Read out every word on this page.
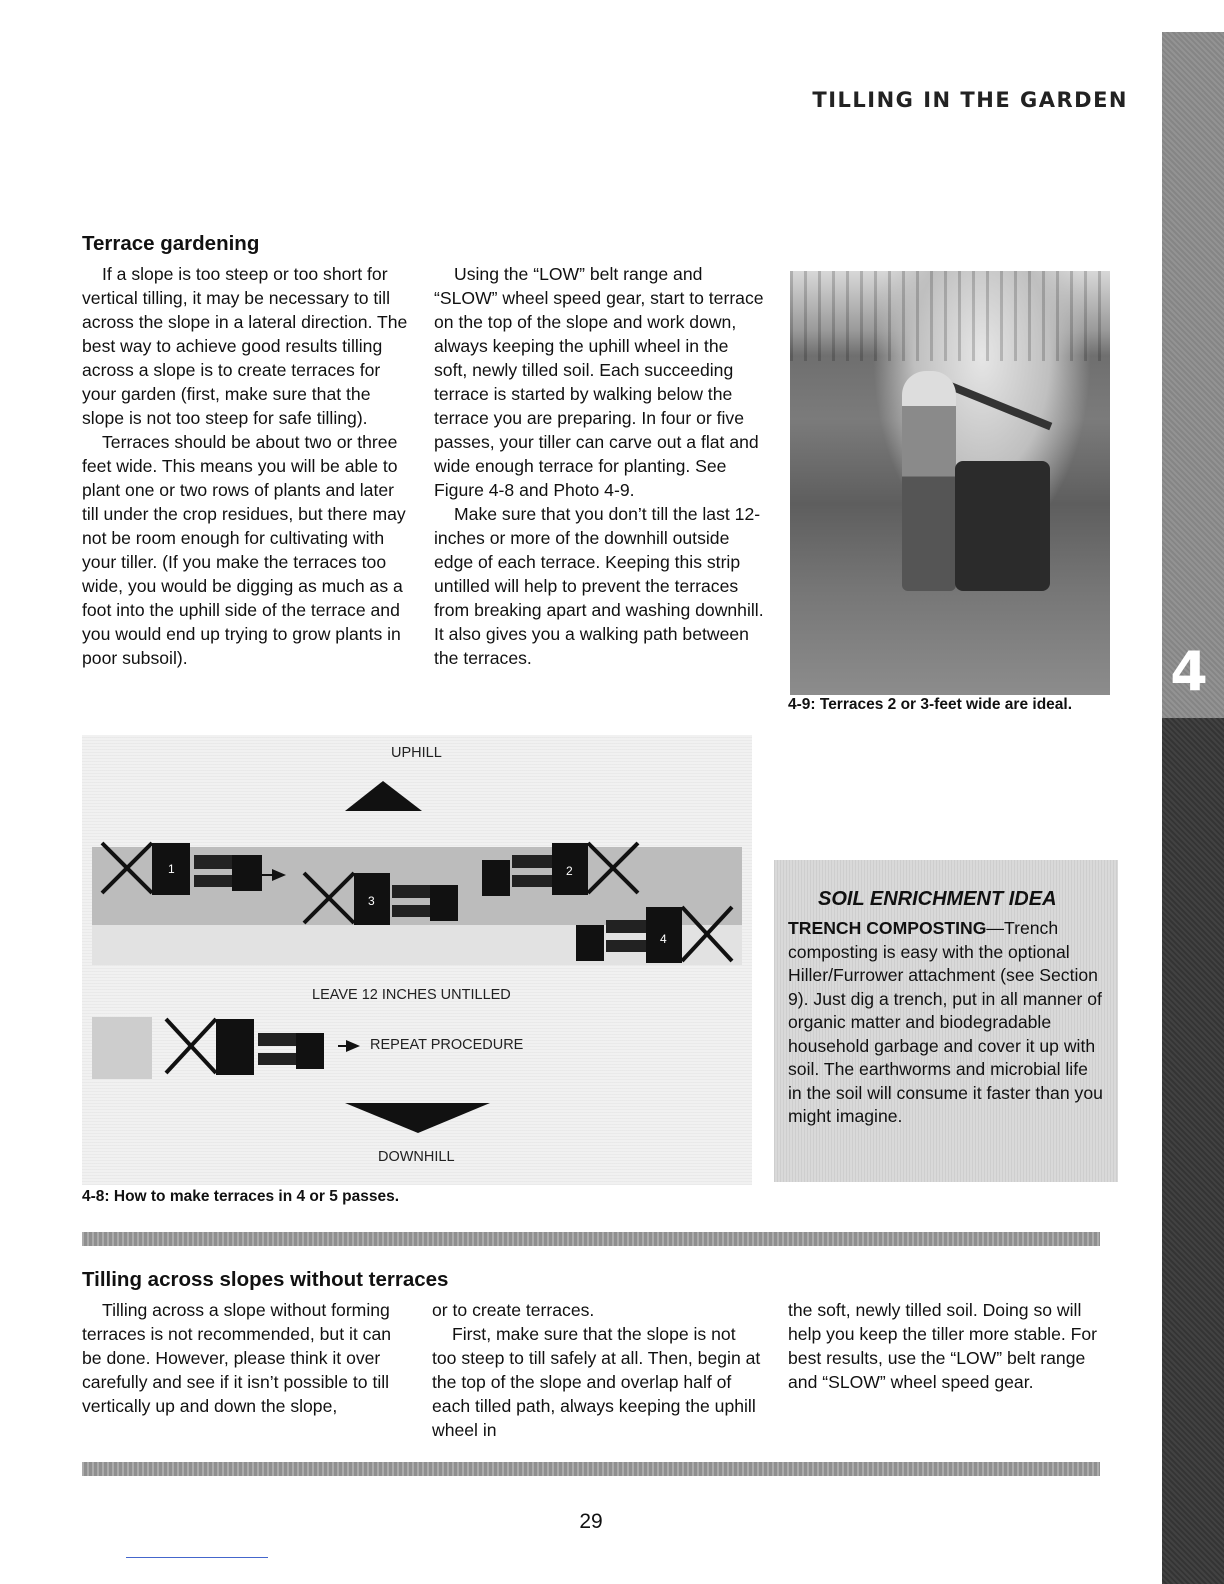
4
TILLING IN THE GARDEN
Terrace gardening

If a slope is too steep or too short for vertical tilling, it may be necessary to till across the slope in a lateral direction. The best way to achieve good results tilling across a slope is to create terraces for your garden (first, make sure that the slope is not too steep for safe tilling).

Terraces should be about two or three feet wide. This means you will be able to plant one or two rows of plants and later till under the crop residues, but there may not be room enough for cultivating with your tiller. (If you make the terraces too wide, you would be digging as much as a foot into the uphill side of the terrace and you would end up trying to grow plants in poor subsoil).

Using the “LOW” belt range and “SLOW” wheel speed gear, start to terrace on the top of the slope and work down, always keeping the uphill wheel in the soft, newly tilled soil. Each succeeding terrace is started by walking below the terrace you are preparing. In four or five passes, your tiller can carve out a flat and wide enough terrace for planting. See Figure 4-8 and Photo 4-9.

Make sure that you don’t till the last 12-inches or more of the downhill outside edge of each terrace. Keeping this strip untilled will help to prevent the terraces from breaking apart and washing downhill. It also gives you a walking path between the terraces.

4-9: Terraces 2 or 3-feet wide are ideal.
UPHILL
1
3
2
4
LEAVE 12 INCHES UNTILLED
REPEAT PROCEDURE
DOWNHILL
4-8: How to make terraces in 4 or 5 passes.
SOIL ENRICHMENT IDEA
TRENCH COMPOSTING—Trench composting is easy with the optional Hiller/Furrower attachment (see Section 9). Just dig a trench, put in all manner of organic matter and biodegradable household garbage and cover it up with soil. The earthworms and microbial life in the soil will consume it faster than you might imagine.
Tilling across slopes without terraces

Tilling across a slope without forming terraces is not recommended, but it can be done. However, please think it over carefully and see if it isn’t possible to till vertically up and down the slope,

or to create terraces.

First, make sure that the slope is not too steep to till safely at all. Then, begin at the top of the slope and overlap half of each tilled path, always keeping the uphill wheel in

the soft, newly tilled soil. Doing so will help you keep the tiller more stable. For best results, use the “LOW” belt range and “SLOW” wheel speed gear.

29
